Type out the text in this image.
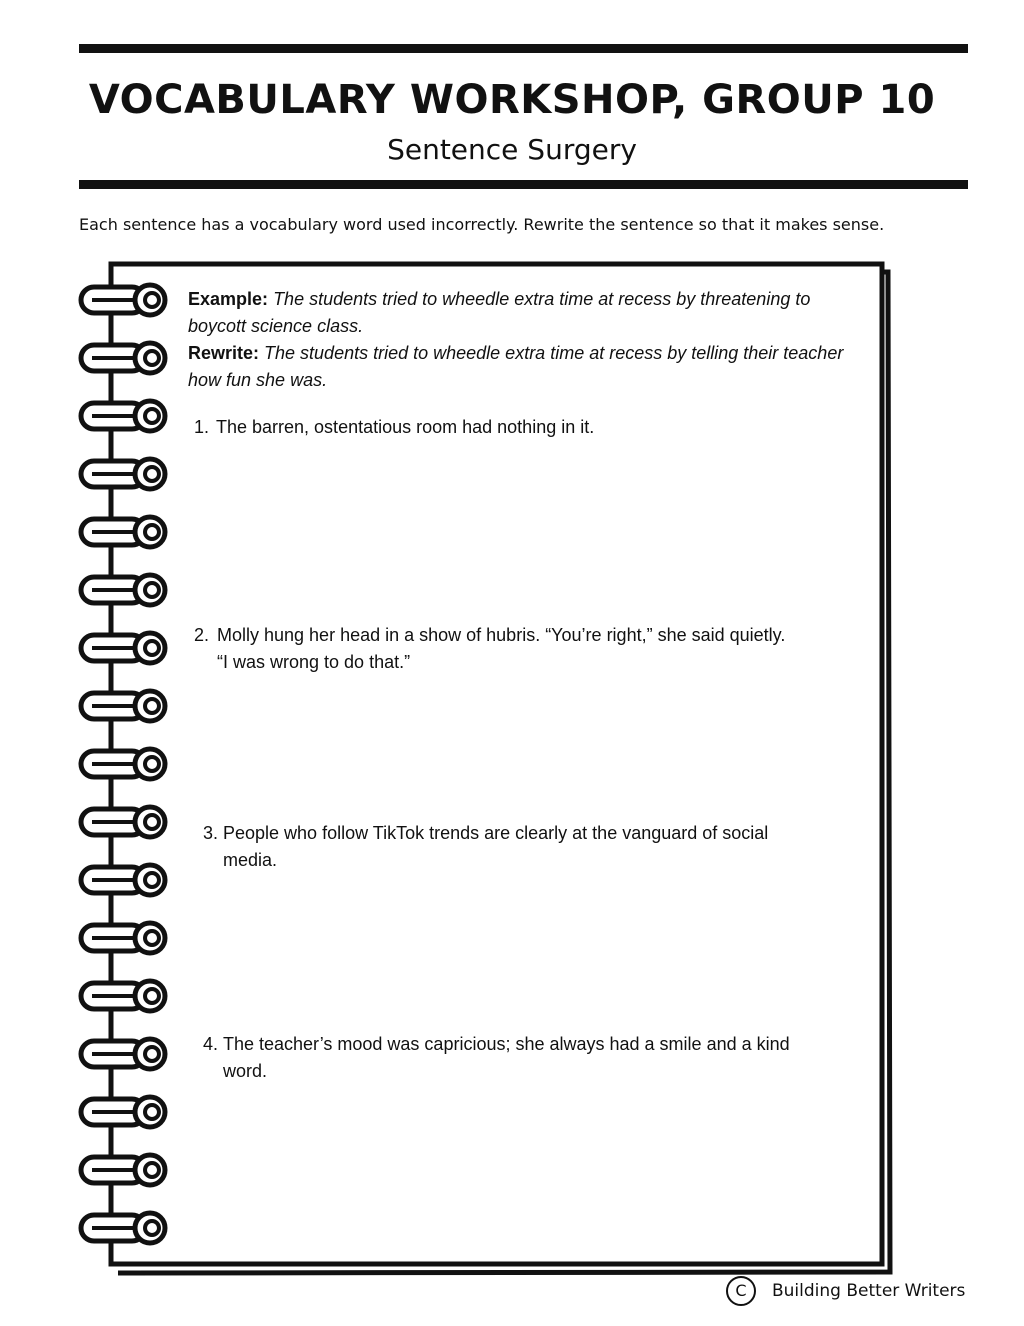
VOCABULARY WORKSHOP, GROUP 10
Sentence Surgery
Each sentence has a vocabulary word used incorrectly. Rewrite the sentence so that it makes sense.

Example: The students tried to wheedle extra time at recess by threatening to boycott science class.

Rewrite: The students tried to wheedle extra time at recess by telling their teacher how fun she was.

1. The barren, ostentatious room had nothing in it.
2. Molly hung her head in a show of hubris. “You’re right,” she said quietly. “I was wrong to do that.”
3. People who follow TikTok trends are clearly at the vanguard of social media.
4. The teacher’s mood was capricious; she always had a smile and a kind word.
C Building Better Writers
